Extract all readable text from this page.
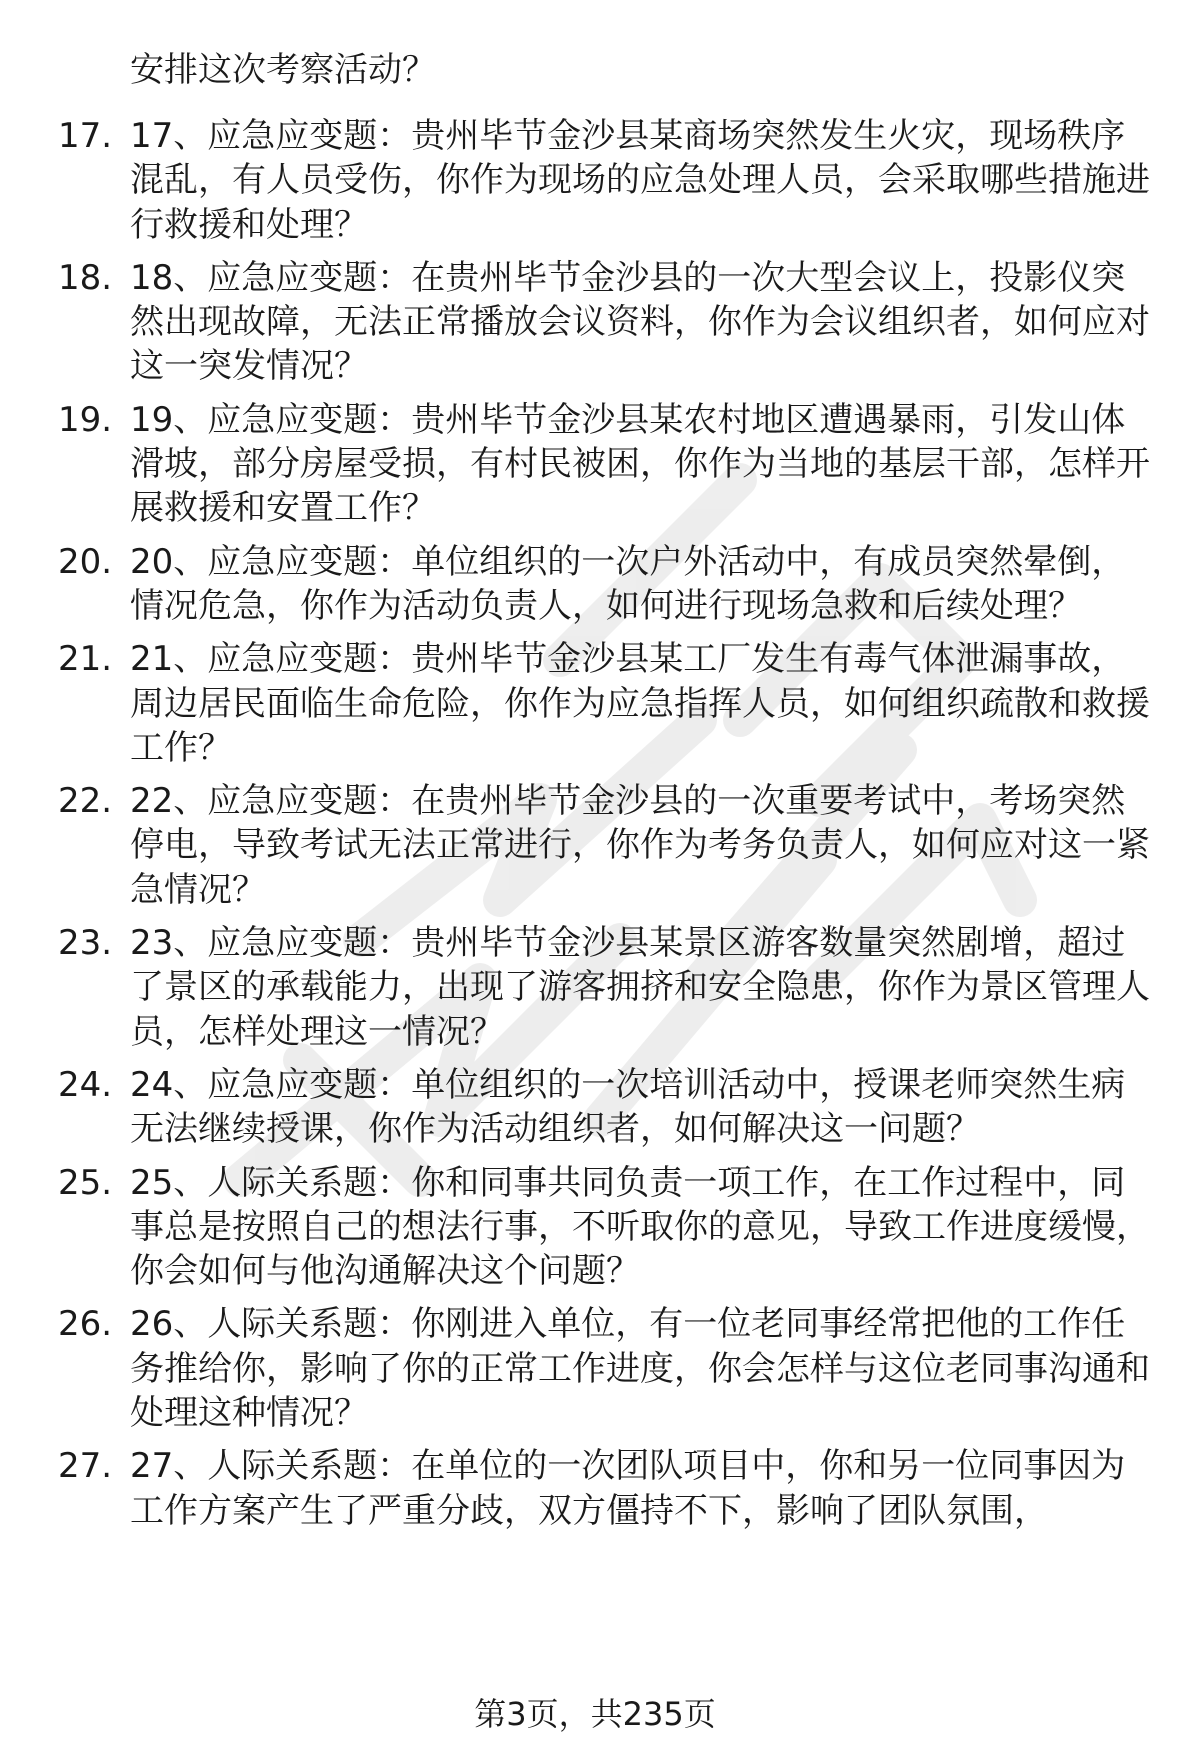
安排这次考察活动？

17. 17、应急应变题：贵州毕节金沙县某商场突然发生火灾，现场秩序混乱，有人员受伤，你作为现场的应急处理人员，会采取哪些措施进行救援和处理？
18. 18、应急应变题：在贵州毕节金沙县的一次大型会议上，投影仪突然出现故障，无法正常播放会议资料，你作为会议组织者，如何应对这一突发情况？
19. 19、应急应变题：贵州毕节金沙县某农村地区遭遇暴雨，引发山体滑坡，部分房屋受损，有村民被困，你作为当地的基层干部，怎样开展救援和安置工作？
20. 20、应急应变题：单位组织的一次户外活动中，有成员突然晕倒，情况危急，你作为活动负责人，如何进行现场急救和后续处理？
21. 21、应急应变题：贵州毕节金沙县某工厂发生有毒气体泄漏事故，周边居民面临生命危险，你作为应急指挥人员，如何组织疏散和救援工作？
22. 22、应急应变题：在贵州毕节金沙县的一次重要考试中，考场突然停电，导致考试无法正常进行，你作为考务负责人，如何应对这一紧急情况？
23. 23、应急应变题：贵州毕节金沙县某景区游客数量突然剧增，超过了景区的承载能力，出现了游客拥挤和安全隐患，你作为景区管理人员，怎样处理这一情况？
24. 24、应急应变题：单位组织的一次培训活动中，授课老师突然生病无法继续授课，你作为活动组织者，如何解决这一问题？
25. 25、人际关系题：你和同事共同负责一项工作，在工作过程中，同事总是按照自己的想法行事，不听取你的意见，导致工作进度缓慢，你会如何与他沟通解决这个问题？
26. 26、人际关系题：你刚进入单位，有一位老同事经常把他的工作任务推给你，影响了你的正常工作进度，你会怎样与这位老同事沟通和处理这种情况？
27. 27、人际关系题：在单位的一次团队项目中，你和另一位同事因为工作方案产生了严重分歧，双方僵持不下，影响了团队氛围，
第3页，共235页
